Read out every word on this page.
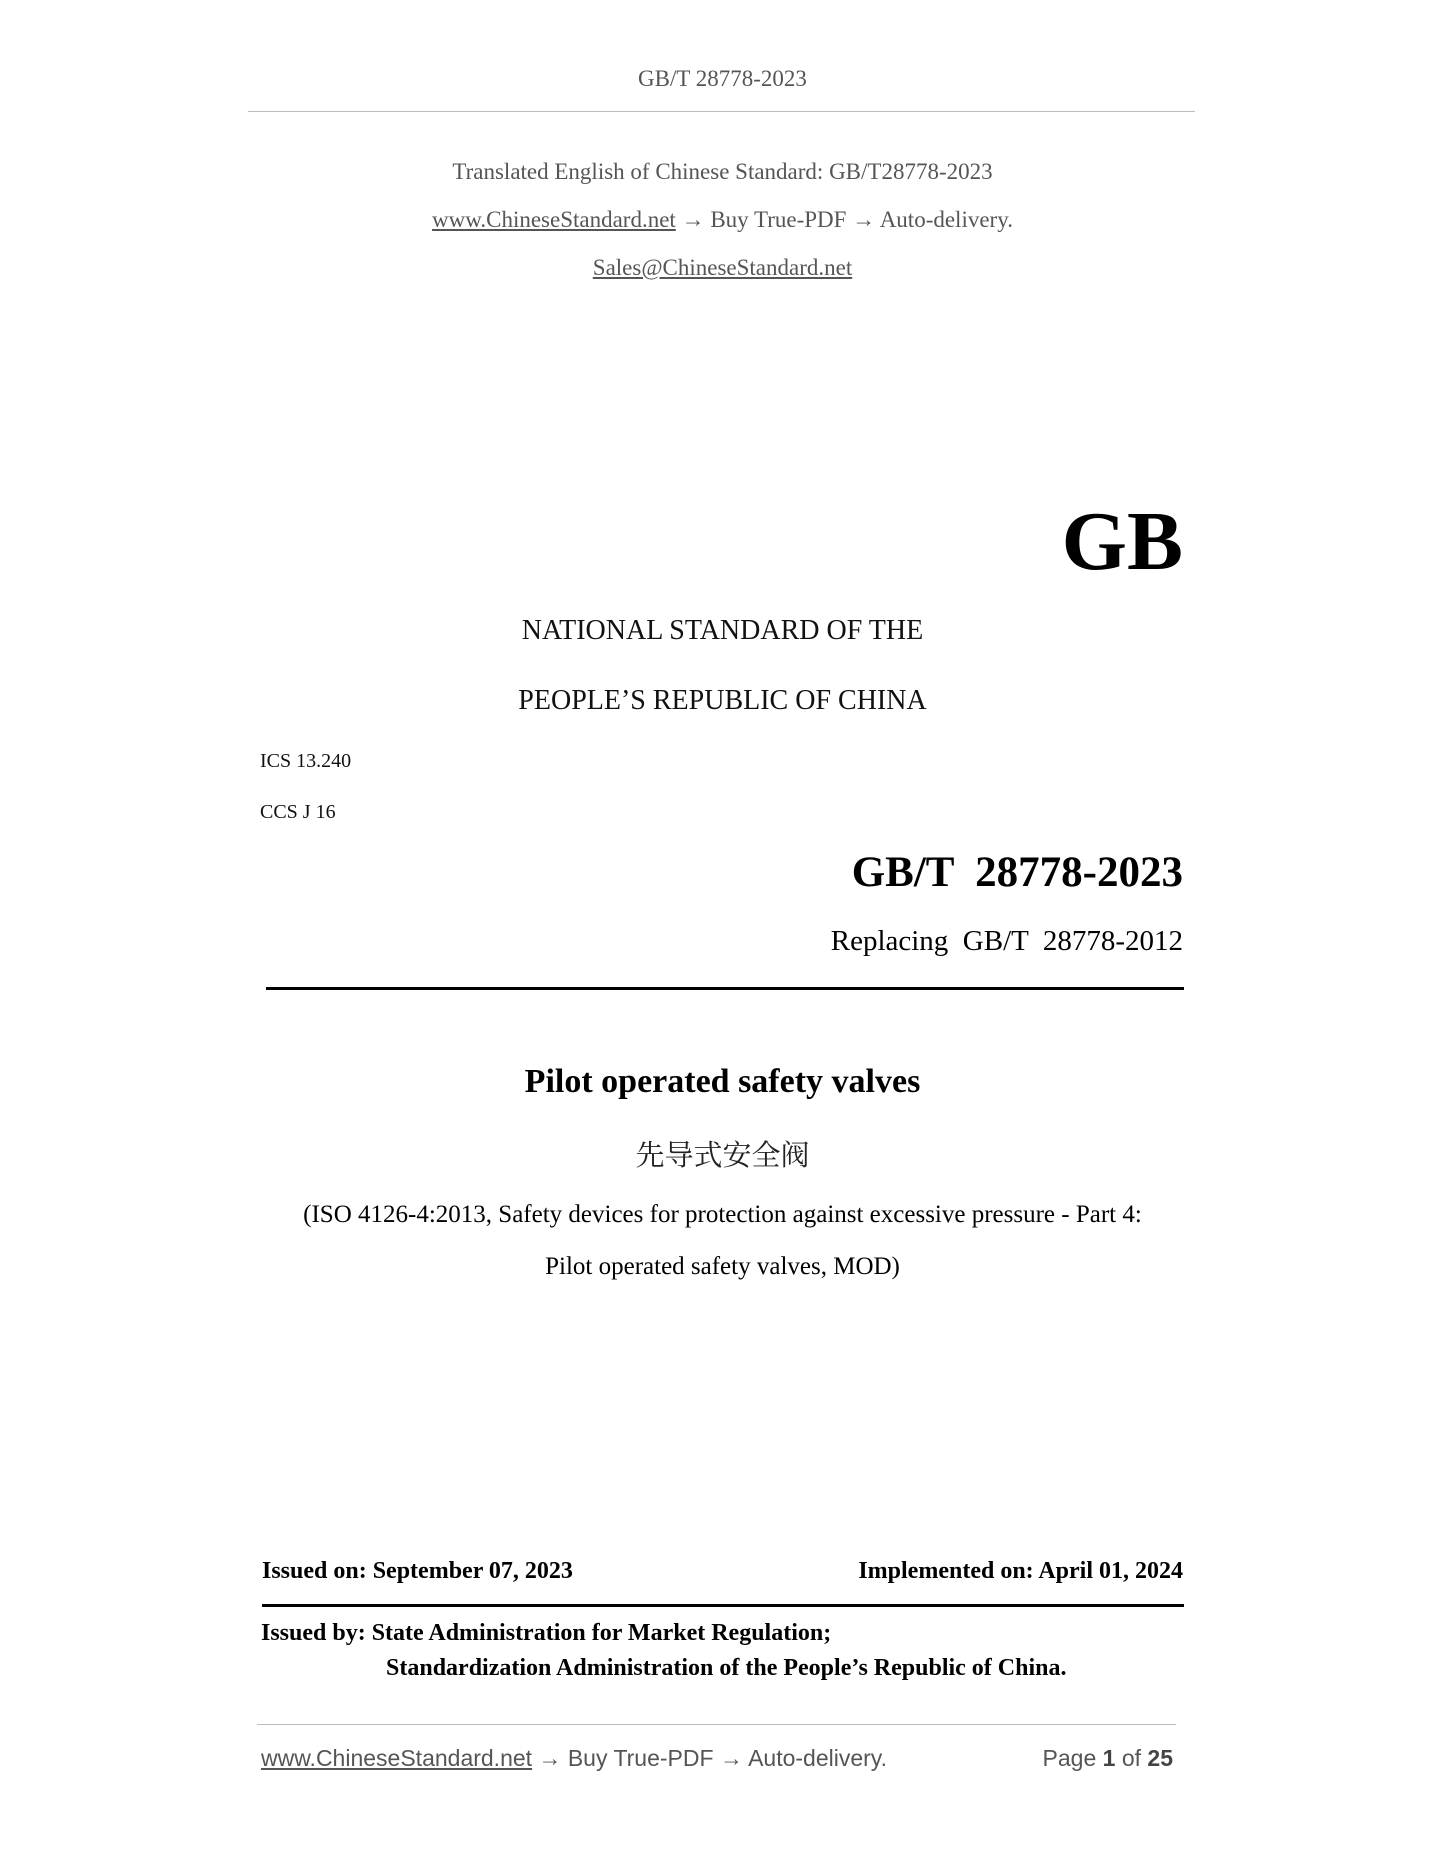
GB/T 28778-2023
Translated English of Chinese Standard: GB/T28778-2023
www.ChineseStandard.net → Buy True-PDF → Auto-delivery.
Sales@ChineseStandard.net
GB
NATIONAL STANDARD OF THE
PEOPLE’S REPUBLIC OF CHINA
ICS 13.240
CCS J 16
GB/T  28778-2023
Replacing  GB/T  28778-2012
Pilot operated safety valves
先导式安全阀
(ISO 4126-4:2013, Safety devices for protection against excessive pressure - Part 4:
Pilot operated safety valves, MOD)
Issued on: September 07, 2023	Implemented on: April 01, 2024
Issued by: State Administration for Market Regulation;
Standardization Administration of the People’s Republic of China.
www.ChineseStandard.net → Buy True-PDF → Auto-delivery.	Page 1 of 25
